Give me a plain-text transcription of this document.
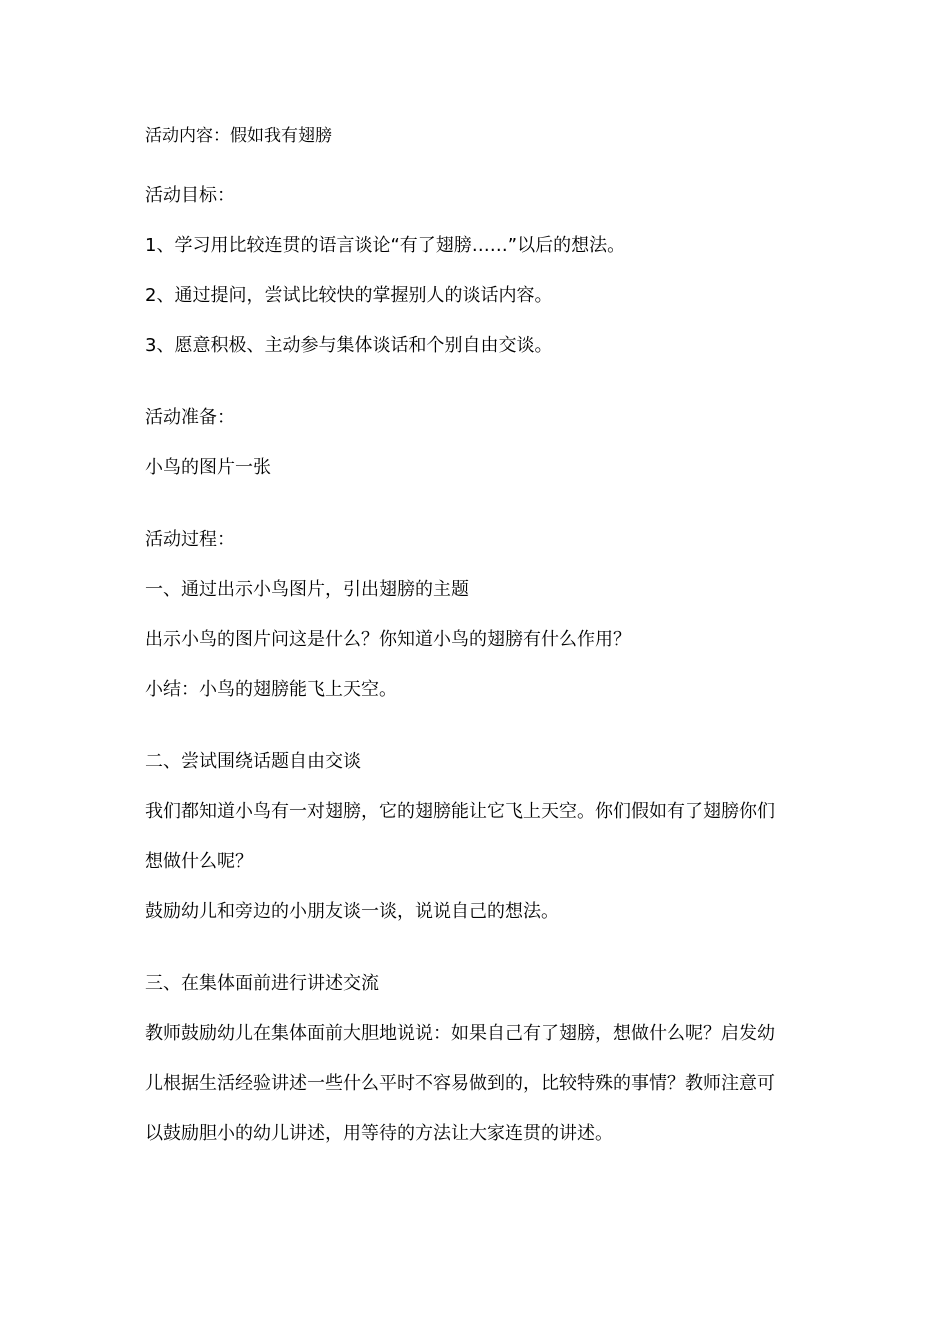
活动内容：假如我有翅膀
活动目标：
1、学习用比较连贯的语言谈论“有了翅膀……”以后的想法。
2、通过提问，尝试比较快的掌握别人的谈话内容。
3、愿意积极、主动参与集体谈话和个别自由交谈。
活动准备：
小鸟的图片一张
活动过程：
一、通过出示小鸟图片，引出翅膀的主题
出示小鸟的图片问这是什么？你知道小鸟的翅膀有什么作用？
小结：小鸟的翅膀能飞上天空。
二、尝试围绕话题自由交谈
我们都知道小鸟有一对翅膀，它的翅膀能让它飞上天空。你们假如有了翅膀你们
想做什么呢？
鼓励幼儿和旁边的小朋友谈一谈，说说自己的想法。
三、在集体面前进行讲述交流
教师鼓励幼儿在集体面前大胆地说说：如果自己有了翅膀，想做什么呢？启发幼
儿根据生活经验讲述一些什么平时不容易做到的，比较特殊的事情？教师注意可
以鼓励胆小的幼儿讲述，用等待的方法让大家连贯的讲述。
